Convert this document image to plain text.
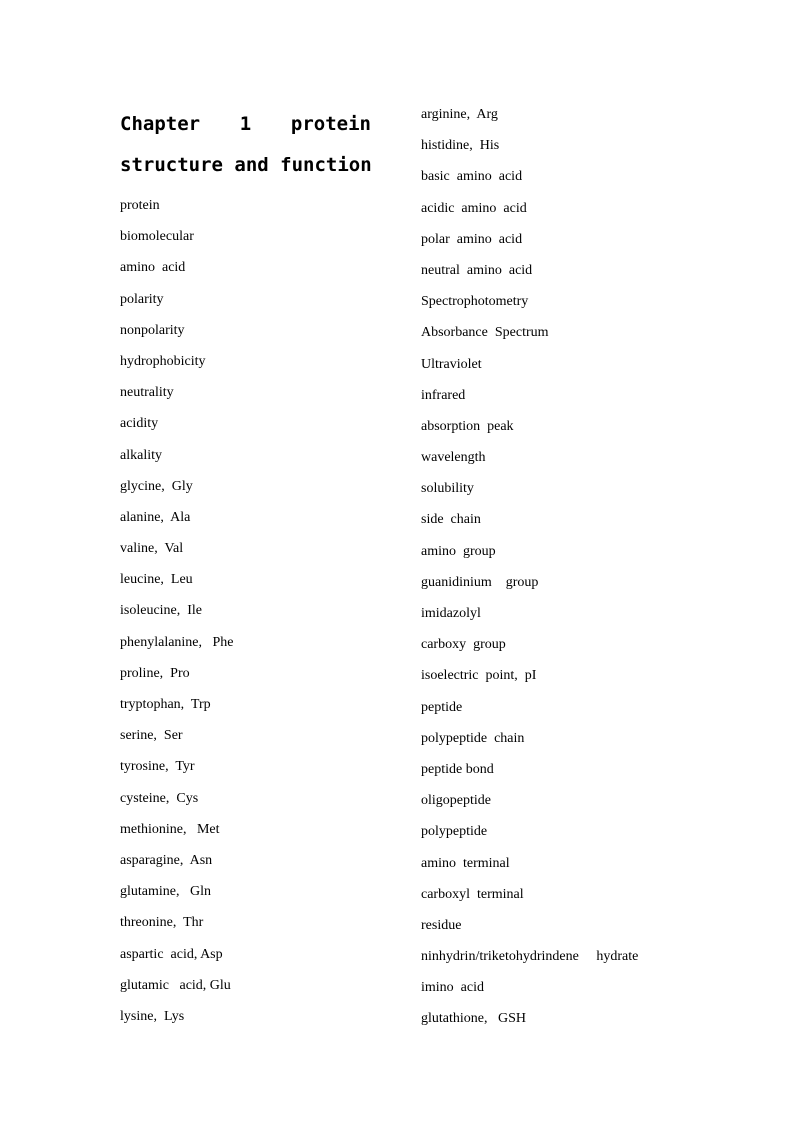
Chapter 1 protein
structure and function
protein
biomolecular
amino  acid
polarity
nonpolarity
hydrophobicity
neutrality
acidity
alkality
glycine,  Gly
alanine,  Ala
valine,  Val
leucine,  Leu
isoleucine,  Ile
phenylalanine,   Phe
proline,  Pro
tryptophan,  Trp
serine,  Ser
tyrosine,  Tyr
cysteine,  Cys
methionine,   Met
asparagine,  Asn
glutamine,   Gln
threonine,  Thr
aspartic  acid, Asp
glutamic   acid, Glu
lysine,  Lys
arginine,  Arg
histidine,  His
basic  amino  acid
acidic  amino  acid
polar  amino  acid
neutral  amino  acid
Spectrophotometry
Absorbance  Spectrum
Ultraviolet
infrared
absorption  peak
wavelength
solubility
side  chain
amino  group
guanidinium    group
imidazolyl
carboxy  group
isoelectric  point,  pI
peptide
polypeptide  chain
peptide bond
oligopeptide
polypeptide
amino  terminal
carboxyl  terminal
residue
ninhydrin/triketohydrindene     hydrate
imino  acid
glutathione,   GSH
